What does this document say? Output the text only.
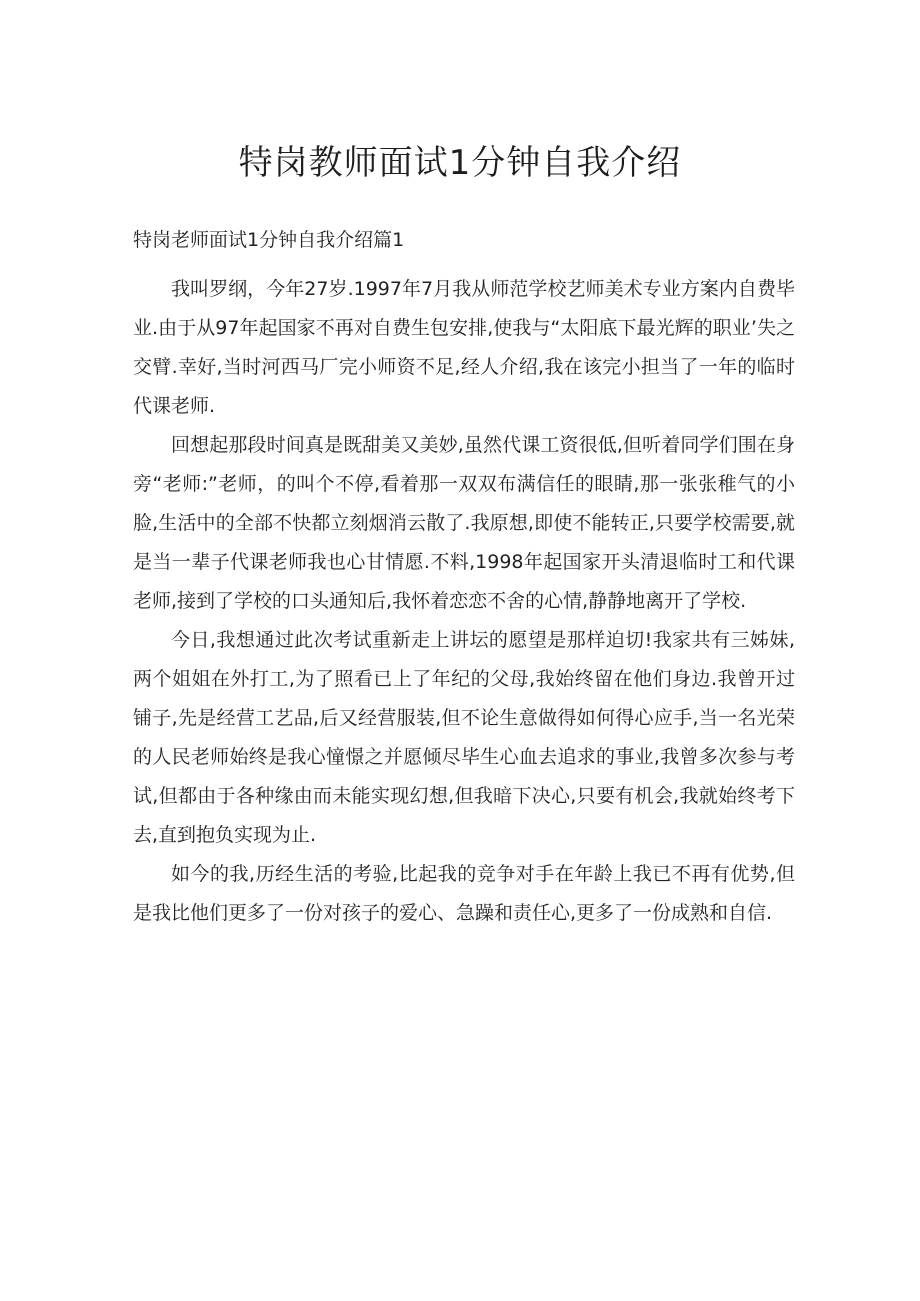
特岗教师面试1分钟自我介绍

特岗老师面试1分钟自我介绍篇1

我叫罗纲，今年27岁.1997年7月我从师范学校艺师美术专业方案内自费毕业.由于从97年起国家不再对自费生包安排,使我与“太阳底下最光辉的职业’失之交臂.幸好,当时河西马厂完小师资不足,经人介绍,我在该完小担当了一年的临时代课老师.

回想起那段时间真是既甜美又美妙,虽然代课工资很低,但听着同学们围在身旁“老师:”老师，的叫个不停,看着那一双双布满信任的眼睛,那一张张稚气的小脸,生活中的全部不快都立刻烟消云散了.我原想,即使不能转正,只要学校需要,就是当一辈子代课老师我也心甘情愿.不料,1998年起国家开头清退临时工和代课老师,接到了学校的口头通知后,我怀着恋恋不舍的心情,静静地离开了学校.

今日,我想通过此次考试重新走上讲坛的愿望是那样迫切!我家共有三姊妹,两个姐姐在外打工,为了照看已上了年纪的父母,我始终留在他们身边.我曾开过铺子,先是经营工艺品,后又经营服装,但不论生意做得如何得心应手,当一名光荣的人民老师始终是我心憧憬之并愿倾尽毕生心血去追求的事业,我曾多次参与考试,但都由于各种缘由而未能实现幻想,但我暗下决心,只要有机会,我就始终考下去,直到抱负实现为止.

如今的我,历经生活的考验,比起我的竞争对手在年龄上我已不再有优势,但是我比他们更多了一份对孩子的爱心、急躁和责任心,更多了一份成熟和自信.
